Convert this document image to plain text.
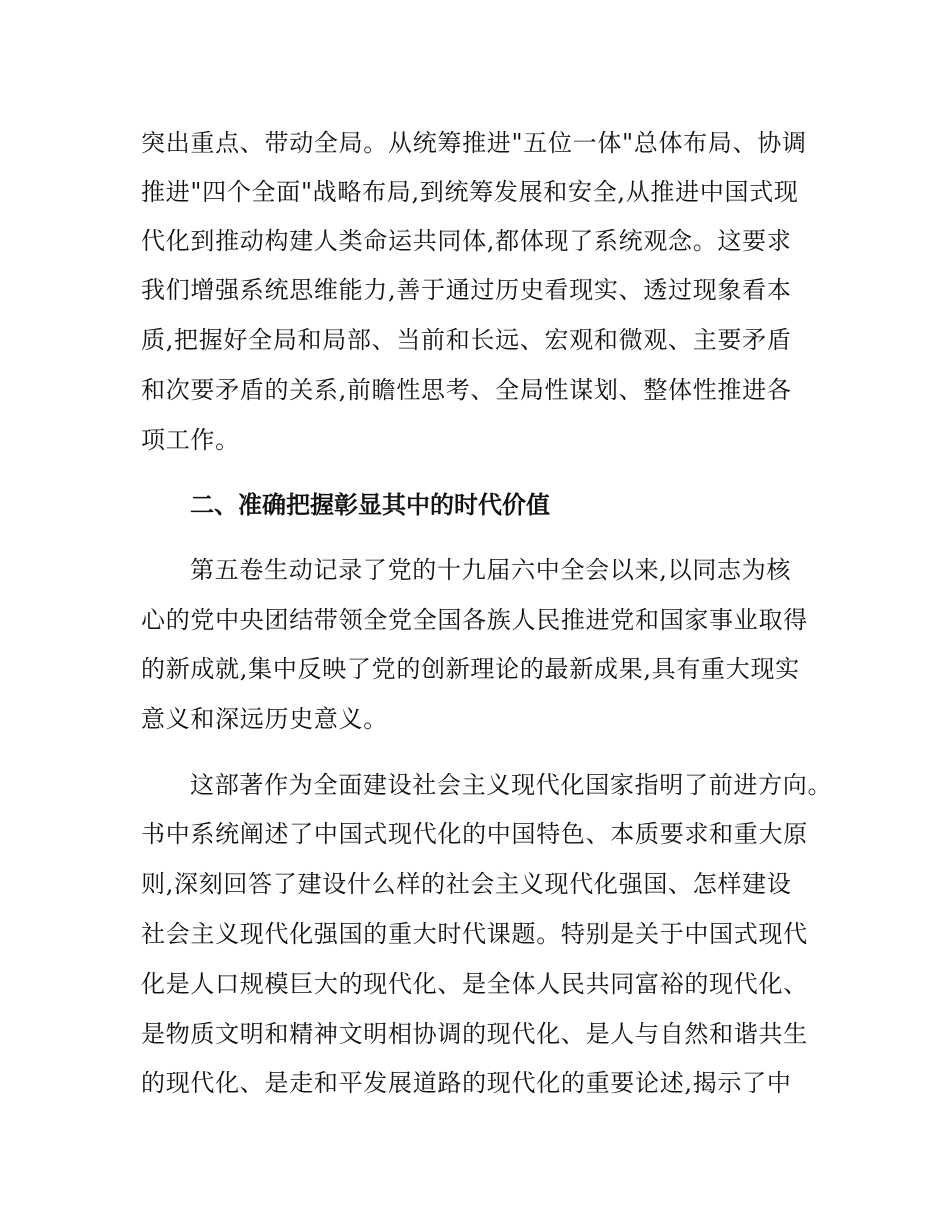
突出重点、带动全局。从统筹推进"五位一体"总体布局、协调
推进"四个全面"战略布局,到统筹发展和安全,从推进中国式现
代化到推动构建人类命运共同体,都体现了系统观念。这要求
我们增强系统思维能力,善于通过历史看现实、透过现象看本
质,把握好全局和局部、当前和长远、宏观和微观、主要矛盾
和次要矛盾的关系,前瞻性思考、全局性谋划、整体性推进各
项工作。
二、准确把握彰显其中的时代价值
第五卷生动记录了党的十九届六中全会以来,以同志为核
心的党中央团结带领全党全国各族人民推进党和国家事业取得
的新成就,集中反映了党的创新理论的最新成果,具有重大现实
意义和深远历史意义。
这部著作为全面建设社会主义现代化国家指明了前进方向。
书中系统阐述了中国式现代化的中国特色、本质要求和重大原
则,深刻回答了建设什么样的社会主义现代化强国、怎样建设
社会主义现代化强国的重大时代课题。特别是关于中国式现代
化是人口规模巨大的现代化、是全体人民共同富裕的现代化、
是物质文明和精神文明相协调的现代化、是人与自然和谐共生
的现代化、是走和平发展道路的现代化的重要论述,揭示了中
